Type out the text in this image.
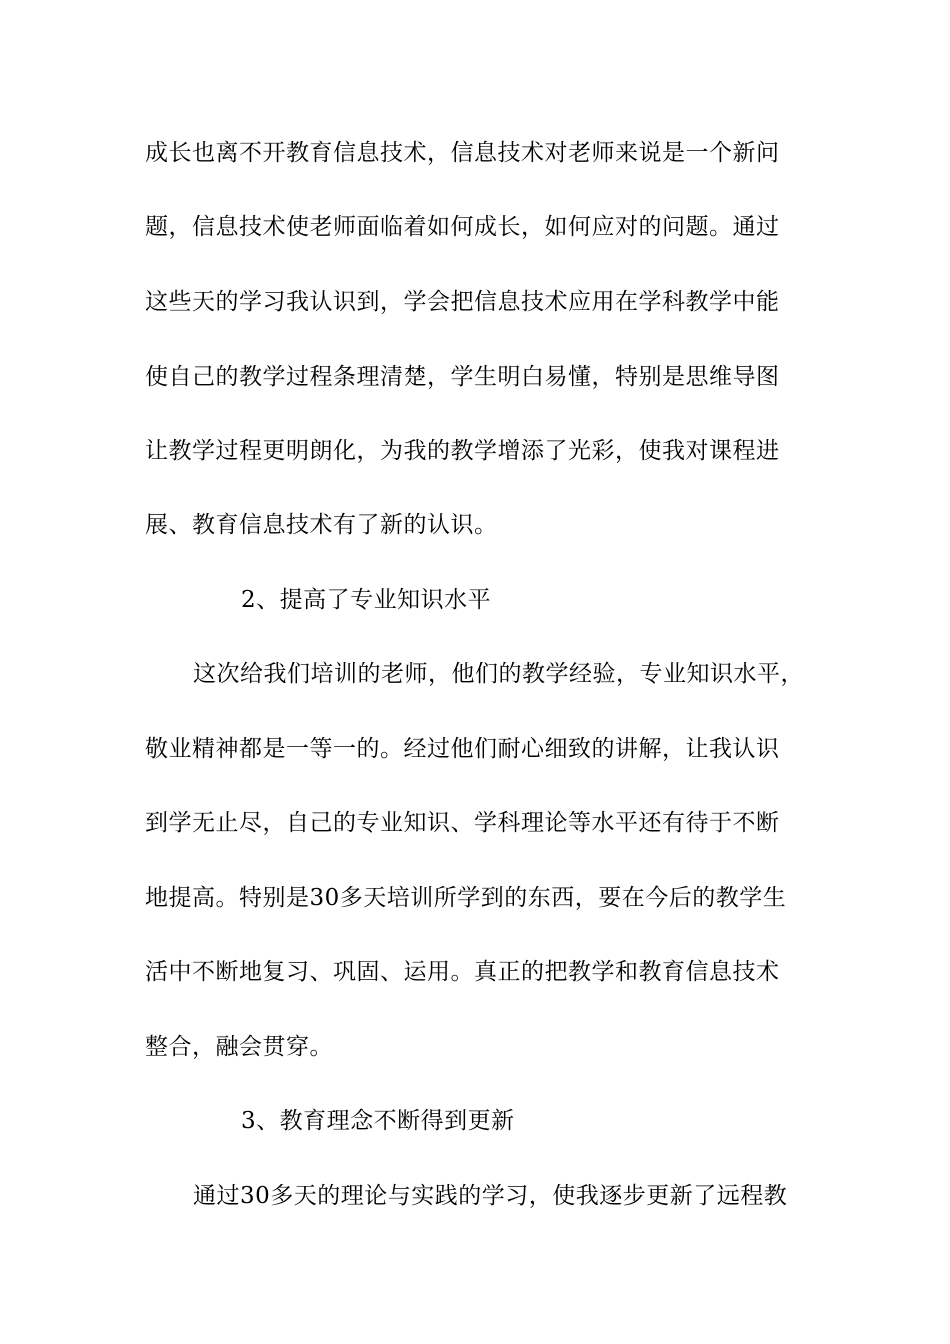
成长也离不开教育信息技术，信息技术对老师来说是一个新问
题，信息技术使老师面临着如何成长，如何应对的问题。通过
这些天的学习我认识到，学会把信息技术应用在学科教学中能
使自己的教学过程条理清楚，学生明白易懂，特别是思维导图
让教学过程更明朗化，为我的教学增添了光彩，使我对课程进
展、教育信息技术有了新的认识。
2、提高了专业知识水平
这次给我们培训的老师，他们的教学经验，专业知识水平，
敬业精神都是一等一的。经过他们耐心细致的讲解，让我认识
到学无止尽，自己的专业知识、学科理论等水平还有待于不断
地提高。特别是30多天培训所学到的东西，要在今后的教学生
活中不断地复习、巩固、运用。真正的把教学和教育信息技术
整合，融会贯穿。
3、教育理念不断得到更新
通过30多天的理论与实践的学习，使我逐步更新了远程教
